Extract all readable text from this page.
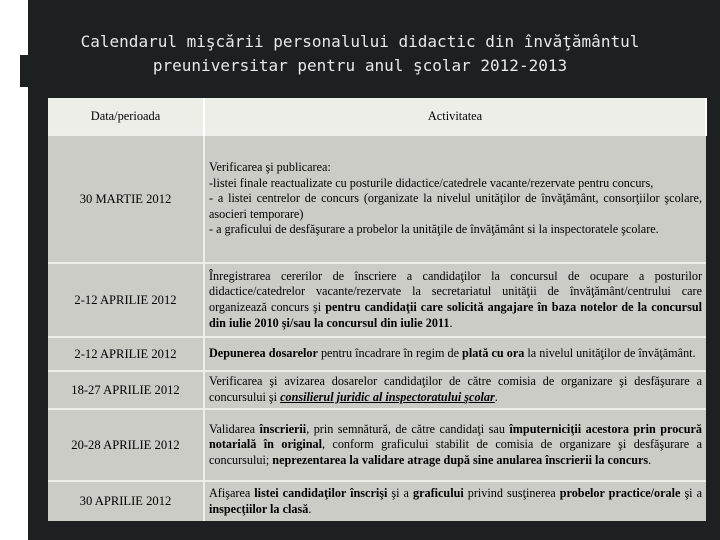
Calendarul mişcării personalului didactic din învăţământul
preuniversitar pentru anul şcolar 2012-2013
Data/perioada	Activitatea
30 MARTIE 2012	Verificarea şi publicarea:
-listei finale reactualizate cu posturile didactice/catedrele vacante/rezervate pentru concurs,
- a listei centrelor de concurs (organizate la nivelul unităţilor de învăţământ, consorţiilor şcolare, asocieri temporare)
- a graficului de desfăşurare a probelor la unităţile de învăţământ si la inspectoratele şcolare.

2-12 APRILIE 2012	Înregistrarea cererilor de înscriere a candidaţilor la concursul de ocupare a posturilor didactice/catedrelor vacante/rezervate la secretariatul unităţii de învăţământ/centrului care organizează concurs şi pentru candidaţii care solicită angajare în baza notelor de la concursul din iulie 2010 şi/sau la concursul din iulie 2011.
2-12 APRILIE 2012	Depunerea dosarelor pentru încadrare în regim de plată cu ora la nivelul unităţilor de învăţământ.
18-27 APRILIE 2012	Verificarea şi avizarea dosarelor candidaţilor de către comisia de organizare şi desfăşurare a concursului şi consilierul juridic al inspectoratului şcolar.
20-28 APRILIE 2012	Validarea înscrierii, prin semnătură, de către candidaţi sau împuterniciţii acestora prin procură notarială în original, conform graficului stabilit de comisia de organizare şi desfăşurare a concursului; neprezentarea la validare atrage după sine anularea înscrierii la concurs.
30 APRILIE 2012	Afişarea listei candidaţilor înscrişi şi a graficului privind susţinerea probelor practice/orale şi a inspecţiilor la clasă.
